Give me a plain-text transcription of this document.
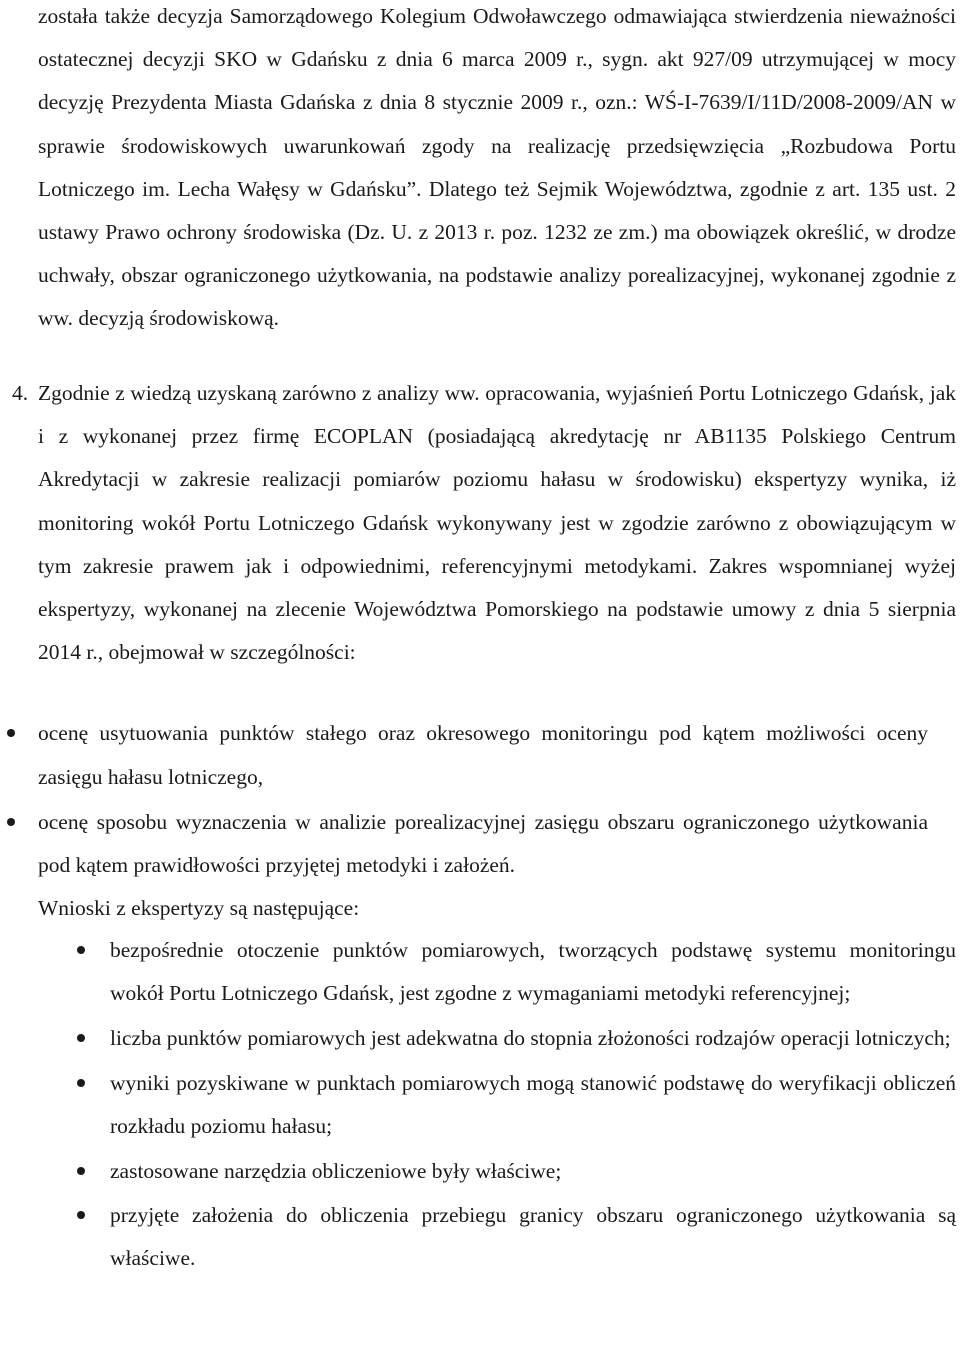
została także decyzja Samorządowego Kolegium Odwoławczego odmawiająca stwierdzenia nieważności ostatecznej decyzji SKO w Gdańsku z dnia 6 marca 2009 r., sygn. akt 927/09 utrzymującej w mocy decyzję Prezydenta Miasta Gdańska z dnia 8 stycznie 2009 r., ozn.: WŚ-I-7639/I/11D/2008-2009/AN w sprawie środowiskowych uwarunkowań zgody na realizację przedsięwzięcia „Rozbudowa Portu Lotniczego im. Lecha Wałęsy w Gdańsku”. Dlatego też Sejmik Województwa, zgodnie z art. 135 ust. 2 ustawy Prawo ochrony środowiska (Dz. U. z 2013 r. poz. 1232 ze zm.) ma obowiązek określić, w drodze uchwały, obszar ograniczonego użytkowania, na podstawie analizy porealizacyjnej, wykonanej zgodnie z ww. decyzją środowiskową.

4. Zgodnie z wiedzą uzyskaną zarówno z analizy ww. opracowania, wyjaśnień Portu Lotniczego Gdańsk, jak i z wykonanej przez firmę ECOPLAN (posiadającą akredytację nr AB1135 Polskiego Centrum Akredytacji w zakresie realizacji pomiarów poziomu hałasu w środowisku) ekspertyzy wynika, iż monitoring wokół Portu Lotniczego Gdańsk wykonywany jest w zgodzie zarówno z obowiązującym w tym zakresie prawem jak i odpowiednimi, referencyjnymi metodykami. Zakres wspomnianej wyżej ekspertyzy, wykonanej na zlecenie Województwa Pomorskiego na podstawie umowy z dnia 5 sierpnia 2014 r., obejmował w szczególności:

ocenę usytuowania punktów stałego oraz okresowego monitoringu pod kątem możliwości oceny zasięgu hałasu lotniczego,
ocenę sposobu wyznaczenia w analizie porealizacyjnej zasięgu obszaru ograniczonego użytkowania pod kątem prawidłowości przyjętej metodyki i założeń.

Wnioski z ekspertyzy są następujące:

bezpośrednie otoczenie punktów pomiarowych, tworzących podstawę systemu monitoringu wokół Portu Lotniczego Gdańsk, jest zgodne z wymaganiami metodyki referencyjnej;
liczba punktów pomiarowych jest adekwatna do stopnia złożoności rodzajów operacji lotniczych;
wyniki pozyskiwane w punktach pomiarowych mogą stanowić podstawę do weryfikacji obliczeń rozkładu poziomu hałasu;
zastosowane narzędzia obliczeniowe były właściwe;
przyjęte założenia do obliczenia przebiegu granicy obszaru ograniczonego użytkowania są właściwe.
